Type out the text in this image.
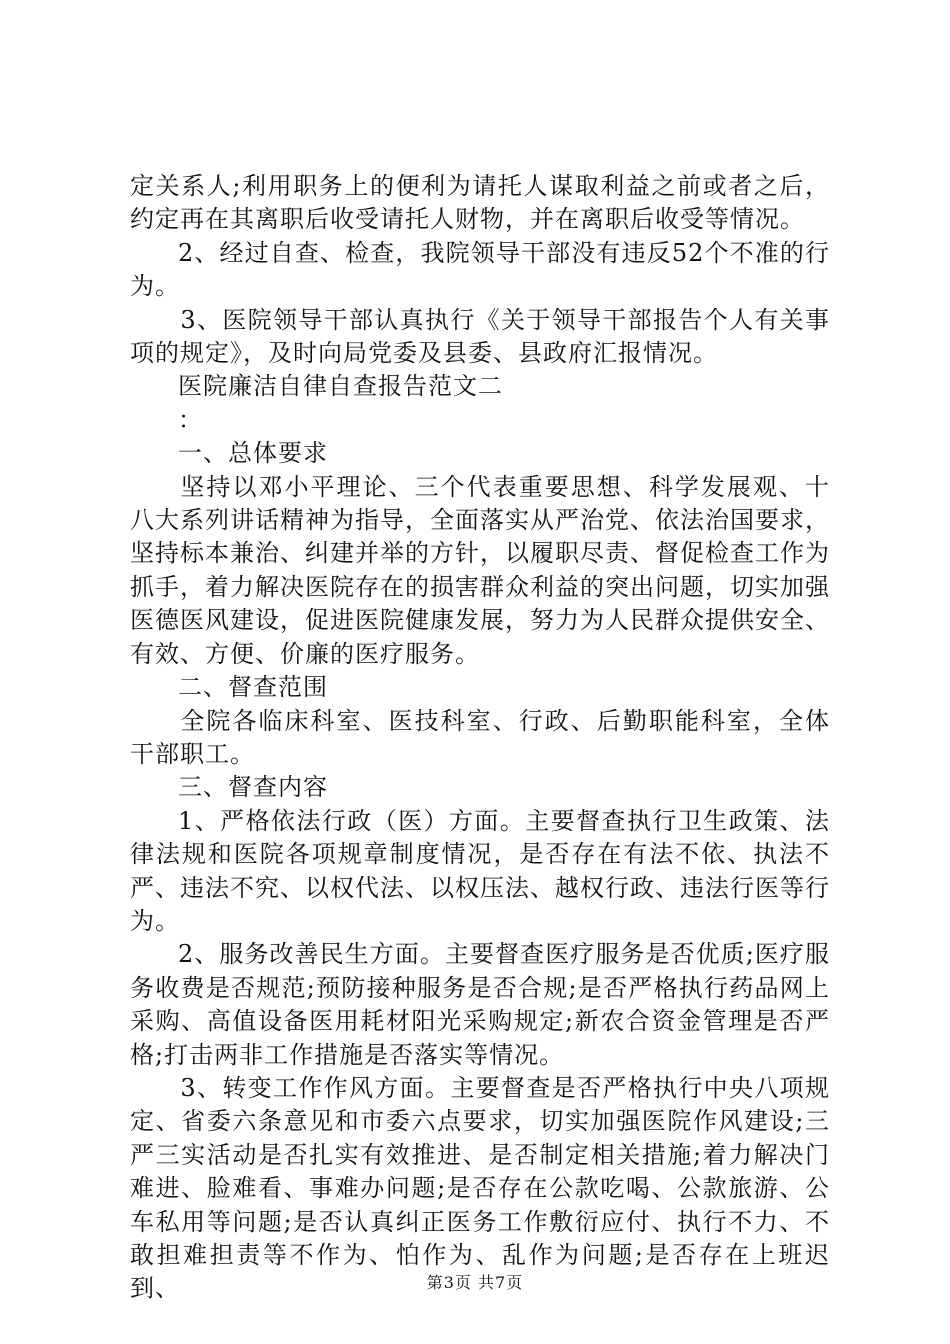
定关系人;利用职务上的便利为请托人谋取利益之前或者之后，约定再在其离职后收受请托人财物，并在离职后收受等情况。

2、经过自查、检查，我院领导干部没有违反52个不准的行为。

3、医院领导干部认真执行《关于领导干部报告个人有关事项的规定》，及时向局党委及县委、县政府汇报情况。

医院廉洁自律自查报告范文二

：

一、总体要求

坚持以邓小平理论、三个代表重要思想、科学发展观、十八大系列讲话精神为指导，全面落实从严治党、依法治国要求，坚持标本兼治、纠建并举的方针，以履职尽责、督促检查工作为抓手，着力解决医院存在的损害群众利益的突出问题，切实加强医德医风建设，促进医院健康发展，努力为人民群众提供安全、有效、方便、价廉的医疗服务。

二、督查范围

全院各临床科室、医技科室、行政、后勤职能科室，全体干部职工。

三、督查内容

1、严格依法行政（医）方面。主要督查执行卫生政策、法律法规和医院各项规章制度情况，是否存在有法不依、执法不严、违法不究、以权代法、以权压法、越权行政、违法行医等行为。

2、服务改善民生方面。主要督查医疗服务是否优质;医疗服务收费是否规范;预防接种服务是否合规;是否严格执行药品网上采购、高值设备医用耗材阳光采购规定;新农合资金管理是否严格;打击两非工作措施是否落实等情况。

3、转变工作作风方面。主要督查是否严格执行中央八项规定、省委六条意见和市委六点要求，切实加强医院作风建设;三严三实活动是否扎实有效推进、是否制定相关措施;着力解决门难进、脸难看、事难办问题;是否存在公款吃喝、公款旅游、公车私用等问题;是否认真纠正医务工作敷衍应付、执行不力、不敢担难担责等不作为、怕作为、乱作为问题;是否存在上班迟到、	第3页 共7页
